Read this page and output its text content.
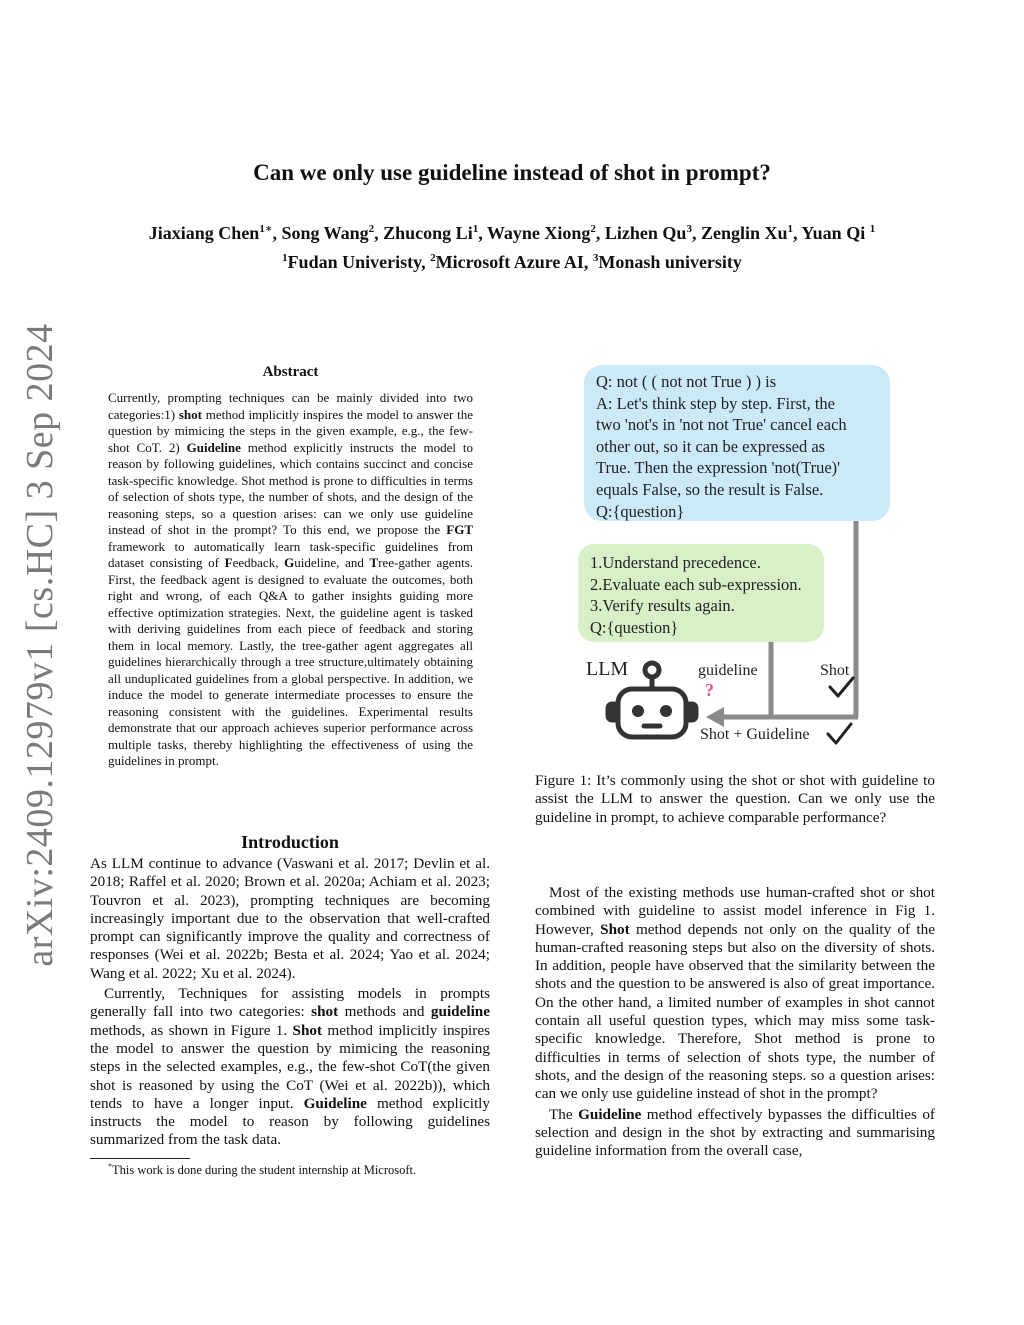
arXiv:2409.12979v1 [cs.HC] 3 Sep 2024
Can we only use guideline instead of shot in prompt?
Jiaxiang Chen$^{1∗}$, Song Wang$^2$, Zhucong Li$^1$, Wayne Xiong$^2$, Lizhen Qu$^3$, Zenglin Xu$^1$, Yuan Qi $^1$
$^1$Fudan Univeristy, $^2$Microsoft Azure AI, $^3$Monash university
Abstract
Currently, prompting techniques can be mainly divided into two categories:1) shot method implicitly inspires the model to answer the question by mimicing the steps in the given example, e.g., the few-shot CoT. 2) Guideline method explicitly instructs the model to reason by following guidelines, which contains succinct and concise task-specific knowledge. Shot method is prone to difficulties in terms of selection of shots type, the number of shots, and the design of the reasoning steps, so a question arises: can we only use guideline instead of shot in the prompt? To this end, we propose the FGT framework to automatically learn task-specific guidelines from dataset consisting of Feedback, Guideline, and Tree-gather agents. First, the feedback agent is designed to evaluate the outcomes, both right and wrong, of each Q&A to gather insights guiding more effective optimization strategies. Next, the guideline agent is tasked with deriving guidelines from each piece of feedback and storing them in local memory. Lastly, the tree-gather agent aggregates all guidelines hierarchically through a tree structure,ultimately obtaining all unduplicated guidelines from a global perspective. In addition, we induce the model to generate intermediate processes to ensure the reasoning consistent with the guidelines. Experimental results demonstrate that our approach achieves superior performance across multiple tasks, thereby highlighting the effectiveness of using the guidelines in prompt.
Introduction

As LLM continue to advance (Vaswani et al. 2017; Devlin et al. 2018; Raffel et al. 2020; Brown et al. 2020a; Achiam et al. 2023; Touvron et al. 2023), prompting techniques are becoming increasingly important due to the observation that well-crafted prompt can significantly improve the quality and correctness of responses (Wei et al. 2022b; Besta et al. 2024; Yao et al. 2024; Wang et al. 2022; Xu et al. 2024).

Currently, Techniques for assisting models in prompts generally fall into two categories: shot methods and guideline methods, as shown in Figure 1. Shot method implicitly inspires the model to answer the question by mimicing the reasoning steps in the selected examples, e.g., the few-shot CoT(the given shot is reasoned by using the CoT (Wei et al. 2022b)), which tends to have a longer input. Guideline method explicitly instructs the model to reason by following guidelines summarized from the task data.

*This work is done during the student internship at Microsoft.
Q: not ( ( not not True ) ) is
A: Let's think step by step. First, the
two 'not's in 'not not True' cancel each
other out, so it can be expressed as
True. Then the expression 'not(True)'
equals False, so the result is False.
Q:{question}
1.Understand precedence.
2.Evaluate each sub-expression.
3.Verify results again.
Q:{question}
LLM	guideline
?
Shot
Shot + Guideline
Figure 1: It’s commonly using the shot or shot with guideline to assist the LLM to answer the question. Can we only use the guideline in prompt, to achieve comparable performance?

Most of the existing methods use human-crafted shot or shot combined with guideline to assist model inference in Fig 1. However, Shot method depends not only on the quality of the human-crafted reasoning steps but also on the diversity of shots. In addition, people have observed that the similarity between the shots and the question to be answered is also of great importance. On the other hand, a limited number of examples in shot cannot contain all useful question types, which may miss some task-specific knowledge. Therefore, Shot method is prone to difficulties in terms of selection of shots type, the number of shots, and the design of the reasoning steps. so a question arises: can we only use guideline instead of shot in the prompt?

The Guideline method effectively bypasses the difficulties of selection and design in the shot by extracting and summarising guideline information from the overall case,
